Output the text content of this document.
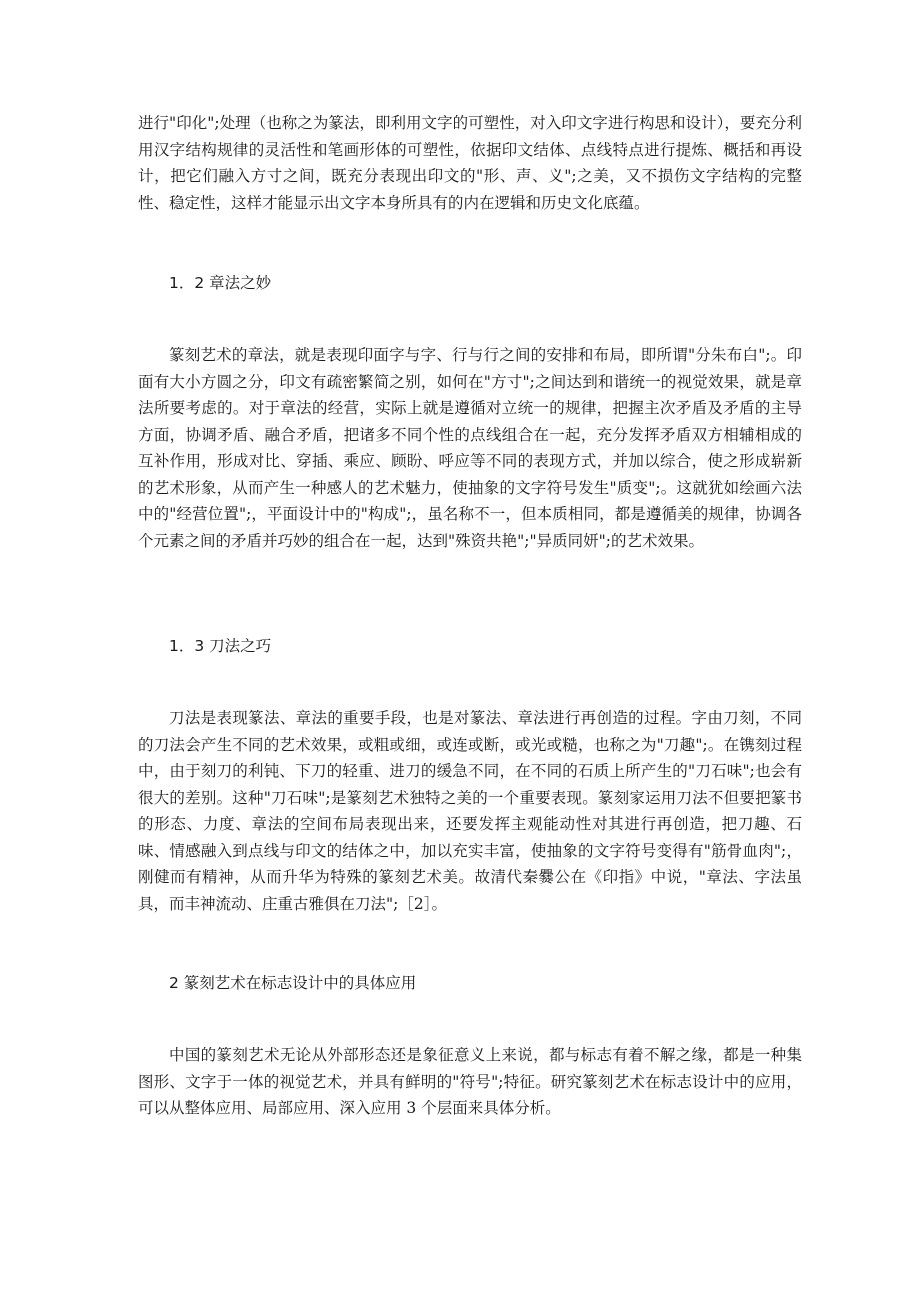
进行"印化";处理（也称之为篆法，即利用文字的可塑性，对入印文字进行构思和设计），要充分利用汉字结构规律的灵活性和笔画形体的可塑性，依据印文结体、点线特点进行提炼、概括和再设计，把它们融入方寸之间，既充分表现出印文的"形、声、义";之美，又不损伤文字结构的完整性、稳定性，这样才能显示出文字本身所具有的内在逻辑和历史文化底蕴。

1．2 章法之妙

篆刻艺术的章法，就是表现印面字与字、行与行之间的安排和布局，即所谓"分朱布白";。印面有大小方圆之分，印文有疏密繁简之别，如何在"方寸";之间达到和谐统一的视觉效果，就是章法所要考虑的。对于章法的经营，实际上就是遵循对立统一的规律，把握主次矛盾及矛盾的主导方面，协调矛盾、融合矛盾，把诸多不同个性的点线组合在一起，充分发挥矛盾双方相辅相成的互补作用，形成对比、穿插、乘应、顾盼、呼应等不同的表现方式，并加以综合，使之形成崭新的艺术形象，从而产生一种感人的艺术魅力，使抽象的文字符号发生"质变";。这就犹如绘画六法中的"经营位置";，平面设计中的"构成";，虽名称不一，但本质相同，都是遵循美的规律，协调各个元素之间的矛盾并巧妙的组合在一起，达到"殊资共艳";"异质同妍";的艺术效果。

1．3 刀法之巧

刀法是表现篆法、章法的重要手段，也是对篆法、章法进行再创造的过程。字由刀刻，不同的刀法会产生不同的艺术效果，或粗或细，或连或断，或光或糙，也称之为"刀趣";。在镌刻过程中，由于刻刀的利钝、下刀的轻重、进刀的缓急不同，在不同的石质上所产生的"刀石味";也会有很大的差别。这种"刀石味";是篆刻艺术独特之美的一个重要表现。篆刻家运用刀法不但要把篆书的形态、力度、章法的空间布局表现出来，还要发挥主观能动性对其进行再创造，把刀趣、石味、情感融入到点线与印文的结体之中，加以充实丰富，使抽象的文字符号变得有"筋骨血肉";，刚健而有精神，从而升华为特殊的篆刻艺术美。故清代秦爨公在《印指》中说，"章法、字法虽具，而丰神流动、庄重古雅俱在刀法";［2］。

2 篆刻艺术在标志设计中的具体应用

中国的篆刻艺术无论从外部形态还是象征意义上来说，都与标志有着不解之缘，都是一种集图形、文字于一体的视觉艺术，并具有鲜明的"符号";特征。研究篆刻艺术在标志设计中的应用，可以从整体应用、局部应用、深入应用 3 个层面来具体分析。
